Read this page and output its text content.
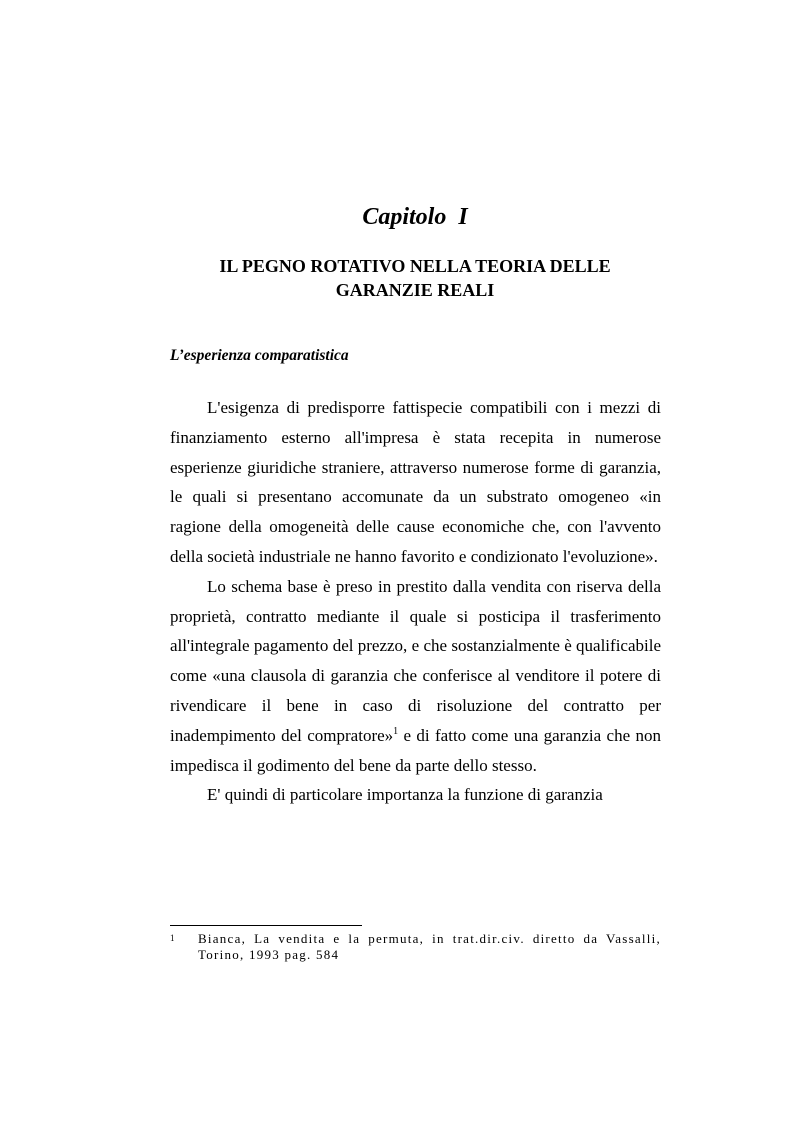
Capitolo  I
IL PEGNO ROTATIVO NELLA TEORIA DELLE
GARANZIE REALI
L’esperienza comparatistica

L'esigenza di predisporre fattispecie compatibili con i mezzi di finanziamento esterno all'impresa è stata recepita in numerose esperienze giuridiche straniere, attraverso numerose forme di garanzia, le quali si presentano accomunate da un substrato omogeneo «in ragione della omogeneità delle cause economiche che, con l'avvento della società industriale ne hanno favorito e condizionato l'evoluzione».

Lo schema base è preso in prestito dalla vendita con riserva della proprietà, contratto mediante il quale si posticipa il trasferimento all'integrale pagamento del prezzo, e che sostanzialmente è qualificabile come «una clausola di garanzia che conferisce al venditore il potere di rivendicare il bene in caso di risoluzione del contratto per inadempimento del compratore»$^1$ e di fatto come una garanzia che non impedisca il godimento del bene da parte dello stesso.

E' quindi di particolare importanza la funzione di garanzia

1 Bianca, La vendita e la permuta, in trat.dir.civ. diretto da Vassalli, Torino, 1993 pag. 584
